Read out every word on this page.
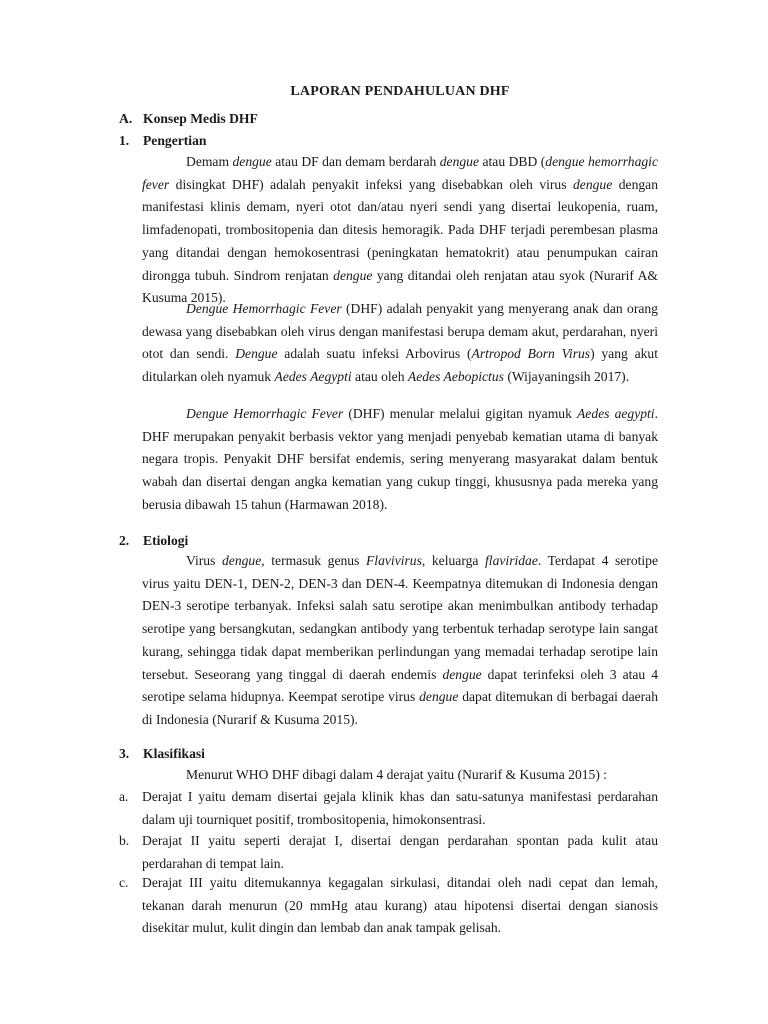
LAPORAN PENDAHULUAN DHF
A. Konsep Medis DHF
1. Pengertian
Demam dengue atau DF dan demam berdarah dengue atau DBD (dengue hemorrhagic fever disingkat DHF) adalah penyakit infeksi yang disebabkan oleh virus dengue dengan manifestasi klinis demam, nyeri otot dan/atau nyeri sendi yang disertai leukopenia, ruam, limfadenopati, trombositopenia dan ditesis hemoragik. Pada DHF terjadi perembesan plasma yang ditandai dengan hemokosentrasi (peningkatan hematokrit) atau penumpukan cairan dirongga tubuh. Sindrom renjatan dengue yang ditandai oleh renjatan atau syok (Nurarif A& Kusuma 2015).
Dengue Hemorrhagic Fever (DHF) adalah penyakit yang menyerang anak dan orang dewasa yang disebabkan oleh virus dengan manifestasi berupa demam akut, perdarahan, nyeri otot dan sendi. Dengue adalah suatu infeksi Arbovirus (Artropod Born Virus) yang akut ditularkan oleh nyamuk Aedes Aegypti atau oleh Aedes Aebopictus (Wijayaningsih 2017).
Dengue Hemorrhagic Fever (DHF) menular melalui gigitan nyamuk Aedes aegypti. DHF merupakan penyakit berbasis vektor yang menjadi penyebab kematian utama di banyak negara tropis. Penyakit DHF bersifat endemis, sering menyerang masyarakat dalam bentuk wabah dan disertai dengan angka kematian yang cukup tinggi, khususnya pada mereka yang berusia dibawah 15 tahun (Harmawan 2018).
2. Etiologi
Virus dengue, termasuk genus Flavivirus, keluarga flaviridae. Terdapat 4 serotipe virus yaitu DEN-1, DEN-2, DEN-3 dan DEN-4. Keempatnya ditemukan di Indonesia dengan DEN-3 serotipe terbanyak. Infeksi salah satu serotipe akan menimbulkan antibody terhadap serotipe yang bersangkutan, sedangkan antibody yang terbentuk terhadap serotype lain sangat kurang, sehingga tidak dapat memberikan perlindungan yang memadai terhadap serotipe lain tersebut. Seseorang yang tinggal di daerah endemis dengue dapat terinfeksi oleh 3 atau 4 serotipe selama hidupnya. Keempat serotipe virus dengue dapat ditemukan di berbagai daerah di Indonesia (Nurarif & Kusuma 2015).
3. Klasifikasi
Menurut WHO DHF dibagi dalam 4 derajat yaitu (Nurarif & Kusuma 2015) :
a. Derajat I yaitu demam disertai gejala klinik khas dan satu-satunya manifestasi perdarahan dalam uji tourniquet positif, trombositopenia, himokonsentrasi.
b. Derajat II yaitu seperti derajat I, disertai dengan perdarahan spontan pada kulit atau perdarahan di tempat lain.
c. Derajat III yaitu ditemukannya kegagalan sirkulasi, ditandai oleh nadi cepat dan lemah, tekanan darah menurun (20 mmHg atau kurang) atau hipotensi disertai dengan sianosis disekitar mulut, kulit dingin dan lembab dan anak tampak gelisah.
